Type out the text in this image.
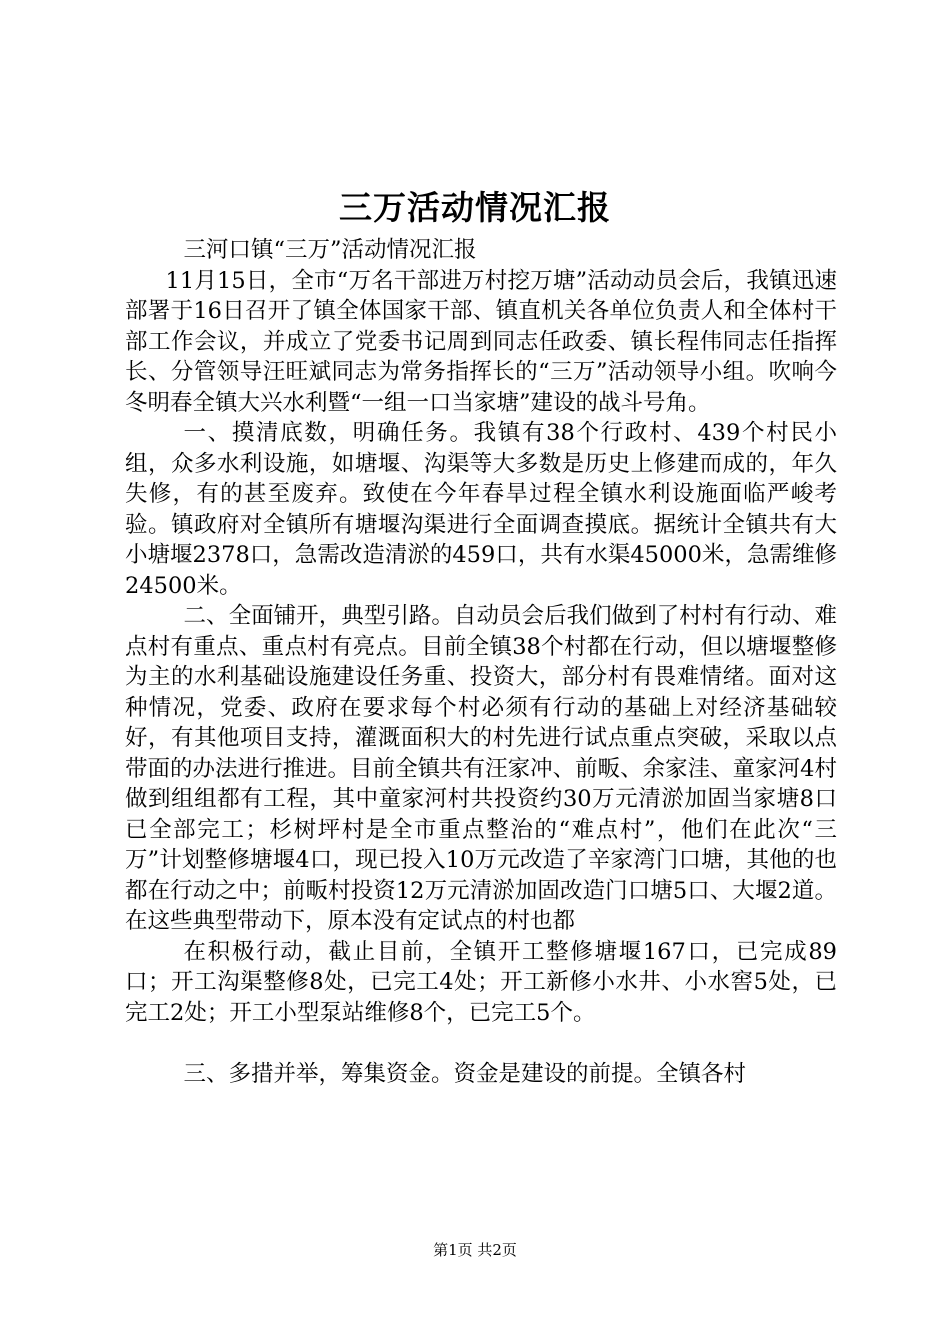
三万活动情况汇报

三河口镇“三万”活动情况汇报

11月15日，全市“万名干部进万村挖万塘”活动动员会后，我镇迅速部署于16日召开了镇全体国家干部、镇直机关各单位负责人和全体村干部工作会议，并成立了党委书记周到同志任政委、镇长程伟同志任指挥长、分管领导汪旺斌同志为常务指挥长的“三万”活动领导小组。吹响今冬明春全镇大兴水利暨“一组一口当家塘”建设的战斗号角。

一、摸清底数，明确任务。我镇有38个行政村、439个村民小组，众多水利设施，如塘堰、沟渠等大多数是历史上修建而成的，年久失修，有的甚至废弃。致使在今年春旱过程全镇水利设施面临严峻考验。镇政府对全镇所有塘堰沟渠进行全面调查摸底。据统计全镇共有大小塘堰2378口，急需改造清淤的459口，共有水渠45000米，急需维修24500米。

二、全面铺开，典型引路。自动员会后我们做到了村村有行动、难点村有重点、重点村有亮点。目前全镇38个村都在行动，但以塘堰整修为主的水利基础设施建设任务重、投资大，部分村有畏难情绪。面对这种情况，党委、政府在要求每个村必须有行动的基础上对经济基础较好，有其他项目支持，灌溉面积大的村先进行试点重点突破，采取以点带面的办法进行推进。目前全镇共有汪家冲、前畈、余家洼、童家河4村做到组组都有工程，其中童家河村共投资约30万元清淤加固当家塘8口已全部完工；杉树坪村是全市重点整治的“难点村”，他们在此次“三万”计划整修塘堰4口，现已投入10万元改造了辛家湾门口塘，其他的也都在行动之中；前畈村投资12万元清淤加固改造门口塘5口、大堰2道。在这些典型带动下，原本没有定试点的村也都

在积极行动，截止目前，全镇开工整修塘堰167口，已完成89口；开工沟渠整修8处，已完工4处；开工新修小水井、小水窖5处，已完工2处；开工小型泵站维修8个，已完工5个。

三、多措并举，筹集资金。资金是建设的前提。全镇各村

第1页 共2页
